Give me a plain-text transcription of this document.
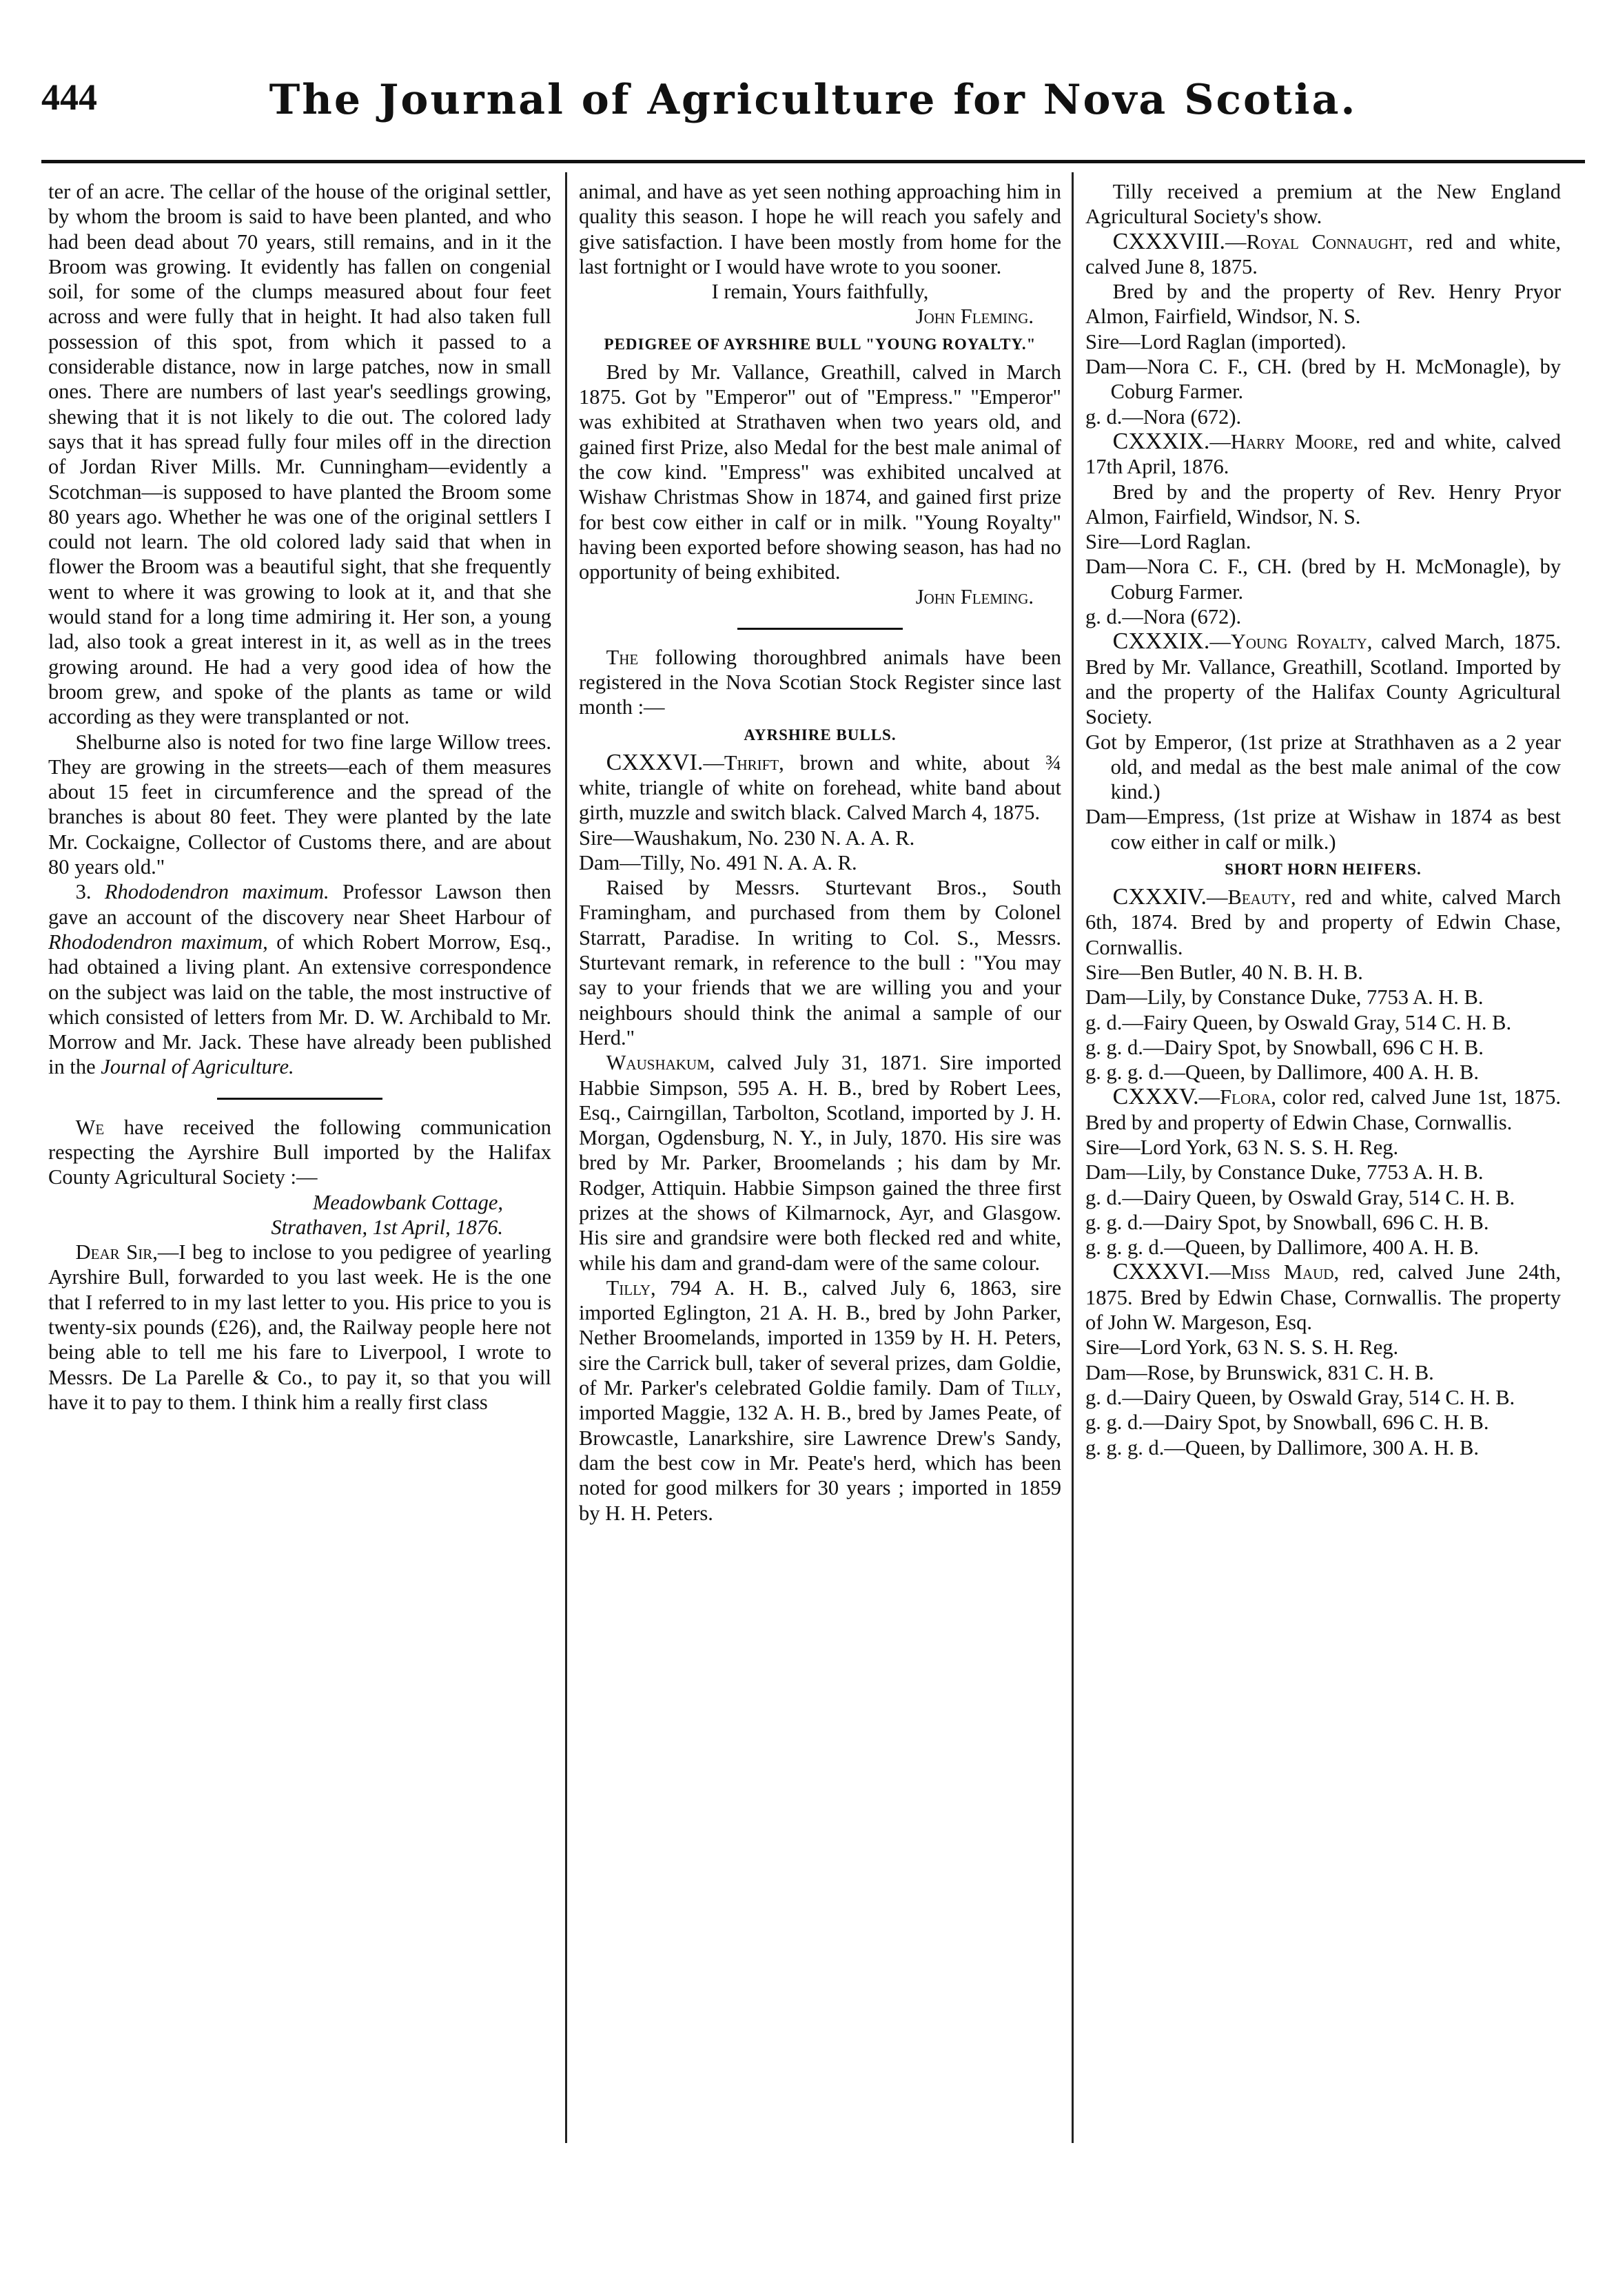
444	The Journal of Agriculture for Nova Scotia.

ter of an acre. The cellar of the house of the original settler, by whom the broom is said to have been planted, and who had been dead about 70 years, still remains, and in it the Broom was growing. It evidently has fallen on congenial soil, for some of the clumps measured about four feet across and were fully that in height. It had also taken full possession of this spot, from which it passed to a considerable distance, now in large patches, now in small ones. There are numbers of last year's seedlings growing, shewing that it is not likely to die out. The colored lady says that it has spread fully four miles off in the direction of Jordan River Mills. Mr. Cunningham—evidently a Scotchman—is supposed to have planted the Broom some 80 years ago. Whether he was one of the original settlers I could not learn. The old colored lady said that when in flower the Broom was a beautiful sight, that she frequently went to where it was growing to look at it, and that she would stand for a long time admiring it. Her son, a young lad, also took a great interest in it, as well as in the trees growing around. He had a very good idea of how the broom grew, and spoke of the plants as tame or wild according as they were transplanted or not.

Shelburne also is noted for two fine large Willow trees. They are growing in the streets—each of them measures about 15 feet in circumference and the spread of the branches is about 80 feet. They were planted by the late Mr. Cockaigne, Collector of Customs there, and are about 80 years old."

3. Rhododendron maximum. Professor Lawson then gave an account of the discovery near Sheet Harbour of Rhododendron maximum, of which Robert Morrow, Esq., had obtained a living plant. An extensive correspondence on the subject was laid on the table, the most instructive of which consisted of letters from Mr. D. W. Archibald to Mr. Morrow and Mr. Jack. These have already been published in the Journal of Agriculture.

We have received the following communication respecting the Ayrshire Bull imported by the Halifax County Agricultural Society :—

Meadowbank Cottage,

Strathaven, 1st April, 1876.

Dear Sir,—I beg to inclose to you pedigree of yearling Ayrshire Bull, forwarded to you last week. He is the one that I referred to in my last letter to you. His price to you is twenty-six pounds (£26), and, the Railway people here not being able to tell me his fare to Liverpool, I wrote to Messrs. De La Parelle & Co., to pay it, so that you will have it to pay to them. I think him a really first class

animal, and have as yet seen nothing approaching him in quality this season. I hope he will reach you safely and give satisfaction. I have been mostly from home for the last fortnight or I would have wrote to you sooner.

I remain, Yours faithfully,

John Fleming.

PEDIGREE OF AYRSHIRE BULL "YOUNG ROYALTY."

Bred by Mr. Vallance, Greathill, calved in March 1875. Got by "Emperor" out of "Empress." "Emperor" was exhibited at Strathaven when two years old, and gained first Prize, also Medal for the best male animal of the cow kind. "Empress" was exhibited uncalved at Wishaw Christmas Show in 1874, and gained first prize for best cow either in calf or in milk. "Young Royalty" having been exported before showing season, has had no opportunity of being exhibited.

John Fleming.

The following thoroughbred animals have been registered in the Nova Scotian Stock Register since last month :—

AYRSHIRE BULLS.

CXXXVI.—Thrift, brown and white, about ¾ white, triangle of white on forehead, white band about girth, muzzle and switch black. Calved March 4, 1875.

Sire—Waushakum, No. 230 N. A. A. R.

Dam—Tilly, No. 491 N. A. A. R.

Raised by Messrs. Sturtevant Bros., South Framingham, and purchased from them by Colonel Starratt, Paradise. In writing to Col. S., Messrs. Sturtevant remark, in reference to the bull : "You may say to your friends that we are willing you and your neighbours should think the animal a sample of our Herd."

Waushakum, calved July 31, 1871. Sire imported Habbie Simpson, 595 A. H. B., bred by Robert Lees, Esq., Cairngillan, Tarbolton, Scotland, imported by J. H. Morgan, Ogdensburg, N. Y., in July, 1870. His sire was bred by Mr. Parker, Broomelands ; his dam by Mr. Rodger, Attiquin. Habbie Simpson gained the three first prizes at the shows of Kilmarnock, Ayr, and Glasgow. His sire and grandsire were both flecked red and white, while his dam and grand-dam were of the same colour.

Tilly, 794 A. H. B., calved July 6, 1863, sire imported Eglington, 21 A. H. B., bred by John Parker, Nether Broomelands, imported in 1359 by H. H. Peters, sire the Carrick bull, taker of several prizes, dam Goldie, of Mr. Parker's celebrated Goldie family. Dam of Tilly, imported Maggie, 132 A. H. B., bred by James Peate, of Browcastle, Lanarkshire, sire Lawrence Drew's Sandy, dam the best cow in Mr. Peate's herd, which has been noted for good milkers for 30 years ; imported in 1859 by H. H. Peters.

Tilly received a premium at the New England Agricultural Society's show.

CXXXVIII.—Royal Connaught, red and white, calved June 8, 1875.

Bred by and the property of Rev. Henry Pryor Almon, Fairfield, Windsor, N. S.

Sire—Lord Raglan (imported).

Dam—Nora C. F., CH. (bred by H. McMonagle), by Coburg Farmer.

g. d.—Nora (672).

CXXXIX.—Harry Moore, red and white, calved 17th April, 1876.

Bred by and the property of Rev. Henry Pryor Almon, Fairfield, Windsor, N. S.

Sire—Lord Raglan.

Dam—Nora C. F., CH. (bred by H. McMonagle), by Coburg Farmer.

g. d.—Nora (672).

CXXXIX.—Young Royalty, calved March, 1875. Bred by Mr. Vallance, Greathill, Scotland. Imported by and the property of the Halifax County Agricultural Society.

Got by Emperor, (1st prize at Strathhaven as a 2 year old, and medal as the best male animal of the cow kind.)

Dam—Empress, (1st prize at Wishaw in 1874 as best cow either in calf or milk.)

SHORT HORN HEIFERS.

CXXXIV.—Beauty, red and white, calved March 6th, 1874. Bred by and property of Edwin Chase, Cornwallis.

Sire—Ben Butler, 40 N. B. H. B.

Dam—Lily, by Constance Duke, 7753 A. H. B.

g. d.—Fairy Queen, by Oswald Gray, 514 C. H. B.

g. g. d.—Dairy Spot, by Snowball, 696 C H. B.

g. g. g. d.—Queen, by Dallimore, 400 A. H. B.

CXXXV.—Flora, color red, calved June 1st, 1875. Bred by and property of Edwin Chase, Cornwallis.

Sire—Lord York, 63 N. S. S. H. Reg.

Dam—Lily, by Constance Duke, 7753 A. H. B.

g. d.—Dairy Queen, by Oswald Gray, 514 C. H. B.

g. g. d.—Dairy Spot, by Snowball, 696 C. H. B.

g. g. g. d.—Queen, by Dallimore, 400 A. H. B.

CXXXVI.—Miss Maud, red, calved June 24th, 1875. Bred by Edwin Chase, Cornwallis. The property of John W. Margeson, Esq.

Sire—Lord York, 63 N. S. S. H. Reg.

Dam—Rose, by Brunswick, 831 C. H. B.

g. d.—Dairy Queen, by Oswald Gray, 514 C. H. B.

g. g. d.—Dairy Spot, by Snowball, 696 C. H. B.

g. g. g. d.—Queen, by Dallimore, 300 A. H. B.
